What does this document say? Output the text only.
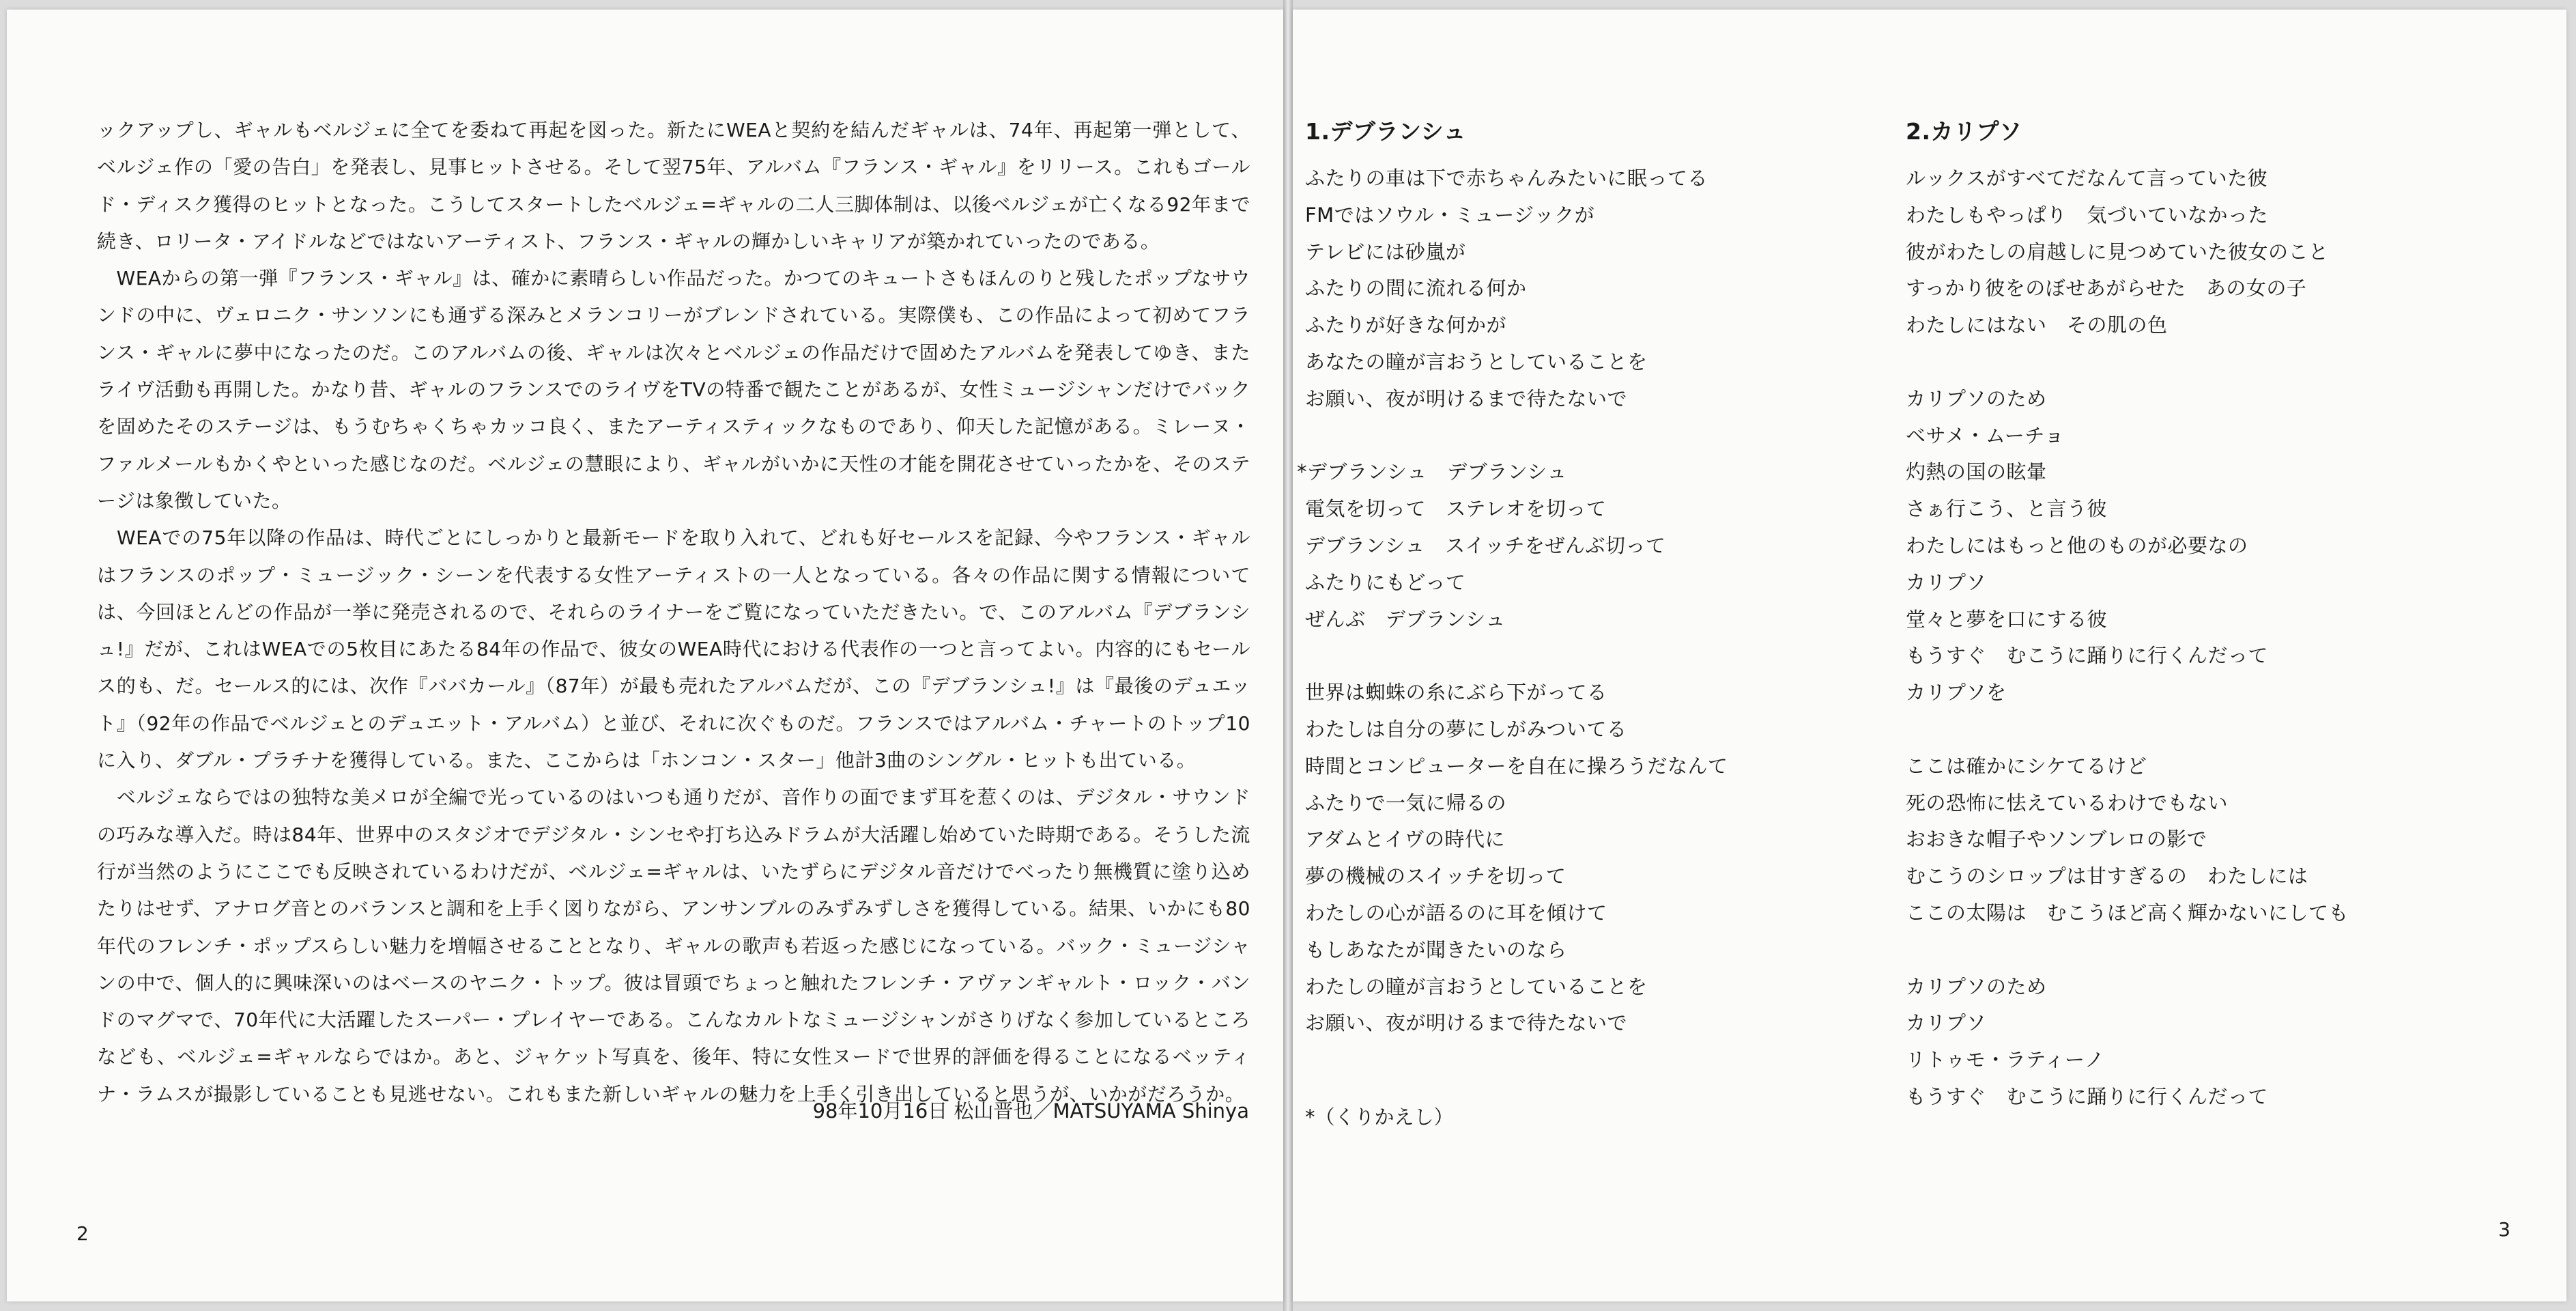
ックアップし、ギャルもベルジェに全てを委ねて再起を図った。新たにWEAと契約を結んだギャルは、74年、再起第一弾として、ベルジェ作の「愛の告白」を発表し、見事ヒットさせる。そして翌75年、アルバム『フランス・ギャル』をリリース。これもゴールド・ディスク獲得のヒットとなった。こうしてスタートしたベルジェ=ギャルの二人三脚体制は、以後ベルジェが亡くなる92年まで続き、ロリータ・アイドルなどではないアーティスト、フランス・ギャルの輝かしいキャリアが築かれていったのである。

　WEAからの第一弾『フランス・ギャル』は、確かに素晴らしい作品だった。かつてのキュートさもほんのりと残したポップなサウンドの中に、ヴェロニク・サンソンにも通ずる深みとメランコリーがブレンドされている。実際僕も、この作品によって初めてフランス・ギャルに夢中になったのだ。このアルバムの後、ギャルは次々とベルジェの作品だけで固めたアルバムを発表してゆき、またライヴ活動も再開した。かなり昔、ギャルのフランスでのライヴをTVの特番で観たことがあるが、女性ミュージシャンだけでバックを固めたそのステージは、もうむちゃくちゃカッコ良く、またアーティスティックなものであり、仰天した記憶がある。ミレーヌ・ファルメールもかくやといった感じなのだ。ベルジェの慧眼により、ギャルがいかに天性の才能を開花させていったかを、そのステージは象徴していた。

　WEAでの75年以降の作品は、時代ごとにしっかりと最新モードを取り入れて、どれも好セールスを記録、今やフランス・ギャルはフランスのポップ・ミュージック・シーンを代表する女性アーティストの一人となっている。各々の作品に関する情報については、今回ほとんどの作品が一挙に発売されるので、それらのライナーをご覧になっていただきたい。で、このアルバム『デブランシュ!』だが、これはWEAでの5枚目にあたる84年の作品で、彼女のWEA時代における代表作の一つと言ってよい。内容的にもセールス的も、だ。セールス的には、次作『ババカール』（87年）が最も売れたアルバムだが、この『デブランシュ!』は『最後のデュエット』（92年の作品でベルジェとのデュエット・アルバム）と並び、それに次ぐものだ。フランスではアルバム・チャートのトップ10に入り、ダブル・プラチナを獲得している。また、ここからは「ホンコン・スター」他計3曲のシングル・ヒットも出ている。

　ベルジェならではの独特な美メロが全編で光っているのはいつも通りだが、音作りの面でまず耳を惹くのは、デジタル・サウンドの巧みな導入だ。時は84年、世界中のスタジオでデジタル・シンセや打ち込みドラムが大活躍し始めていた時期である。そうした流行が当然のようにここでも反映されているわけだが、ベルジェ=ギャルは、いたずらにデジタル音だけでべったり無機質に塗り込めたりはせず、アナログ音とのバランスと調和を上手く図りながら、アンサンブルのみずみずしさを獲得している。結果、いかにも80年代のフレンチ・ポップスらしい魅力を増幅させることとなり、ギャルの歌声も若返った感じになっている。バック・ミュージシャンの中で、個人的に興味深いのはベースのヤニク・トップ。彼は冒頭でちょっと触れたフレンチ・アヴァンギャルト・ロック・バンドのマグマで、70年代に大活躍したスーパー・プレイヤーである。こんなカルトなミュージシャンがさりげなく参加しているところなども、ベルジェ=ギャルならではか。あと、ジャケット写真を、後年、特に女性ヌードで世界的評価を得ることになるベッティナ・ラムスが撮影していることも見逃せない。これもまた新しいギャルの魅力を上手く引き出していると思うが、いかがだろうか。

98年10月16日 松山晋也／MATSUYAMA Shinya
2
1.デブランシュ
ふたりの車は下で赤ちゃんみたいに眠ってる
FMではソウル・ミュージックが
テレビには砂嵐が
ふたりの間に流れる何か
ふたりが好きな何かが
あなたの瞳が言おうとしていることを
お願い、夜が明けるまで待たないで
*デブランシュ　デブランシュ
電気を切って　ステレオを切って
デブランシュ　スイッチをぜんぶ切って
ふたりにもどって
ぜんぶ　デブランシュ
世界は蜘蛛の糸にぶら下がってる
わたしは自分の夢にしがみついてる
時間とコンピューターを自在に操ろうだなんて
ふたりで一気に帰るの
アダムとイヴの時代に
夢の機械のスイッチを切って
わたしの心が語るのに耳を傾けて
もしあなたが聞きたいのなら
わたしの瞳が言おうとしていることを
お願い、夜が明けるまで待たないで
*（くりかえし）
2.カリプソ
ルックスがすべてだなんて言っていた彼
わたしもやっぱり　気づいていなかった
彼がわたしの肩越しに見つめていた彼女のこと
すっかり彼をのぼせあがらせた　あの女の子
わたしにはない　その肌の色
カリプソのため
ベサメ・ムーチョ
灼熱の国の眩暈
さぁ行こう、と言う彼
わたしにはもっと他のものが必要なの
カリプソ
堂々と夢を口にする彼
もうすぐ　むこうに踊りに行くんだって
カリプソを
ここは確かにシケてるけど
死の恐怖に怯えているわけでもない
おおきな帽子やソンブレロの影で
むこうのシロップは甘すぎるの　わたしには
ここの太陽は　むこうほど高く輝かないにしても
カリプソのため
カリプソ
リトゥモ・ラティーノ
もうすぐ　むこうに踊りに行くんだって
3
